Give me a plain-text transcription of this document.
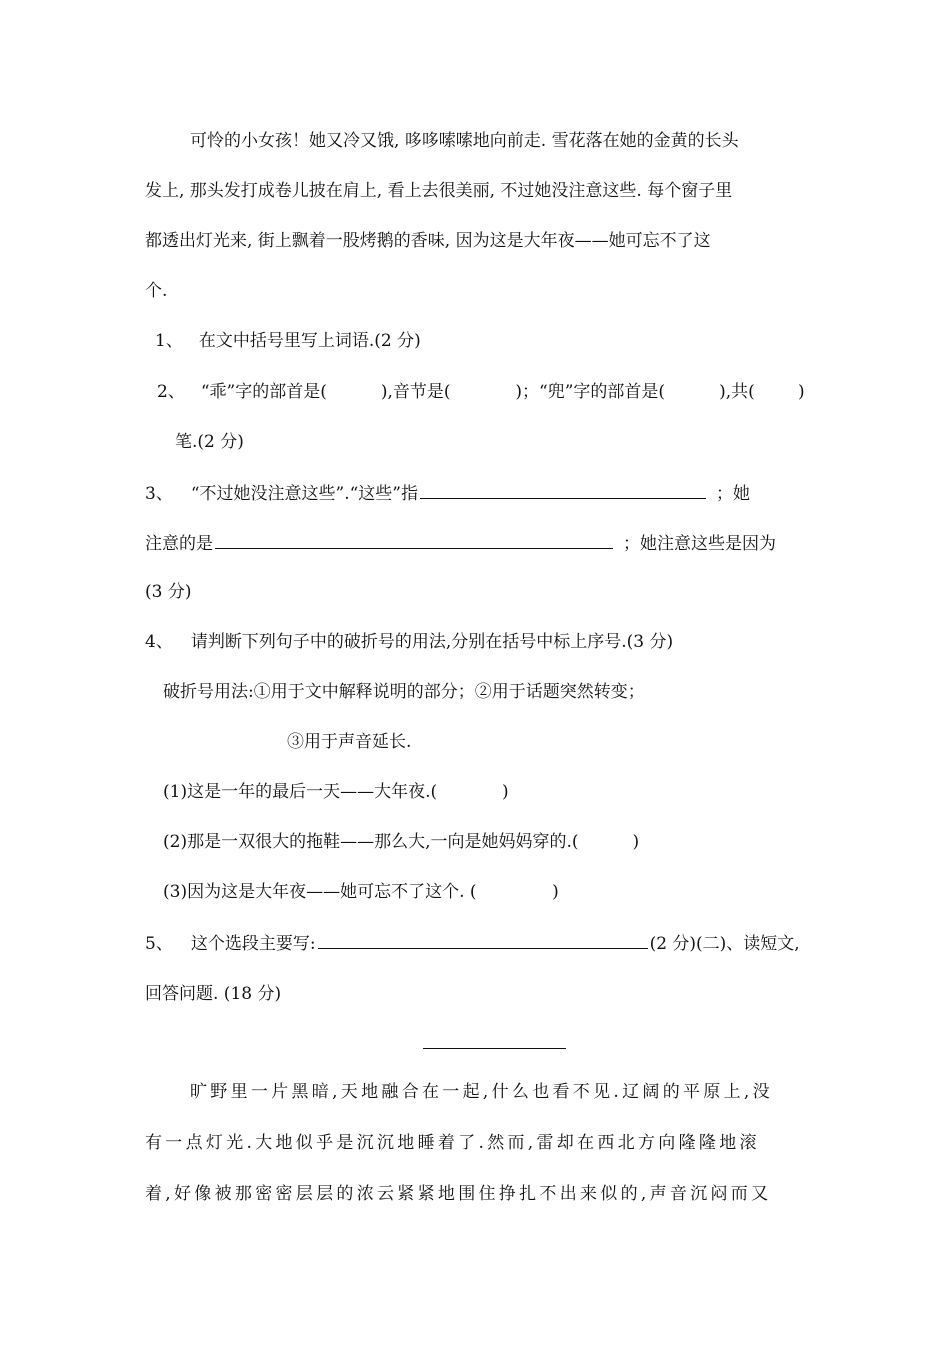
可怜的小女孩！她又冷又饿, 哆哆嗦嗦地向前走. 雪花落在她的金黄的长头
发上, 那头发打成卷儿披在肩上, 看上去很美丽, 不过她没注意这些. 每个窗子里
都透出灯光来, 街上飘着一股烤鹅的香味, 因为这是大年夜——她可忘不了这
个.
1、 在文中括号里写上词语.(2 分)
2、 “乖”字的部首是(          ),音节是(            )；“兜”字的部首是(          ),共(        )
笔.(2 分)
3、 “不过她没注意这些”.“这些”指	；她
注意的是	；她注意这些是因为
(3 分)
4、 请判断下列句子中的破折号的用法,分别在括号中标上序号.(3 分)
破折号用法:①用于文中解释说明的部分；②用于话题突然转变；
③用于声音延长.
(1)这是一年的最后一天——大年夜.(            )
(2)那是一双很大的拖鞋——那么大,一向是她妈妈穿的.(          )
(3)因为这是大年夜——她可忘不了这个. (              )
5、 这个选段主要写:	(2 分)(二)、读短文,
回答问题. (18 分)
旷野里一片黑暗,天地融合在一起,什么也看不见.辽阔的平原上,没
有一点灯光.大地似乎是沉沉地睡着了.然而,雷却在西北方向隆隆地滚
着,好像被那密密层层的浓云紧紧地围住挣扎不出来似的,声音沉闷而又
